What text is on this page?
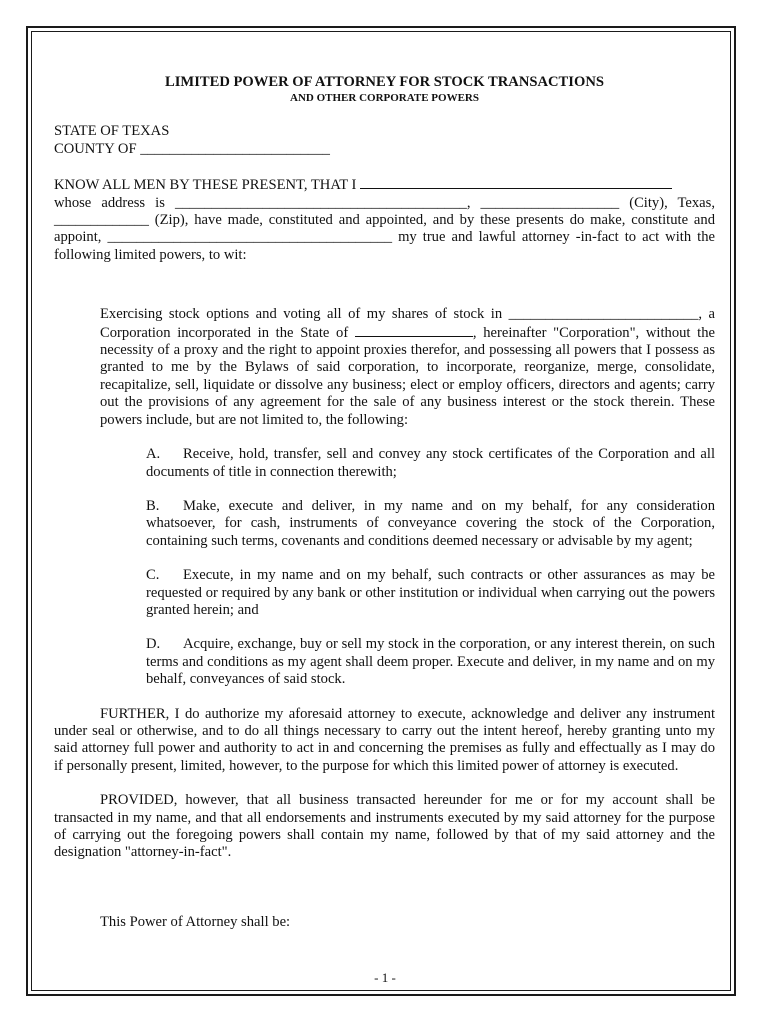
LIMITED POWER OF ATTORNEY FOR STOCK TRANSACTIONS
AND OTHER CORPORATE POWERS

STATE OF TEXAS

COUNTY OF __________________________

KNOW ALL MEN BY THESE PRESENT, THAT I

whose address is ________________________________________, ___________________ (City), Texas,

_____________ (Zip), have made, constituted and appointed, and by these presents do make, constitute and

appoint, _______________________________________ my true and lawful attorney -in-fact to act with the

following limited powers, to wit:

Exercising stock options and voting all of my shares of stock in __________________________, a Corporation incorporated in the State of	, hereinafter "Corporation", without the necessity of a proxy and the right to appoint proxies therefor, and possessing all powers that I possess as granted to me by the Bylaws of said corporation, to incorporate, reorganize, merge, consolidate, recapitalize, sell, liquidate or dissolve any business; elect or employ officers, directors and agents; carry out the provisions of any agreement for the sale of any business interest or the stock therein. These powers include, but are not limited to, the following:

A. Receive, hold, transfer, sell and convey any stock certificates of the Corporation and all documents of title in connection therewith;

B. Make, execute and deliver, in my name and on my behalf, for any consideration whatsoever, for cash, instruments of conveyance covering the stock of the Corporation, containing such terms, covenants and conditions deemed necessary or advisable by my agent;

C. Execute, in my name and on my behalf, such contracts or other assurances as may be requested or required by any bank or other institution or individual when carrying out the powers granted herein; and

D. Acquire, exchange, buy or sell my stock in the corporation, or any interest therein, on such terms and conditions as my agent shall deem proper. Execute and deliver, in my name and on my behalf, conveyances of said stock.

FURTHER, I do authorize my aforesaid attorney to execute, acknowledge and deliver any instrument under seal or otherwise, and to do all things necessary to carry out the intent hereof, hereby granting unto my said attorney full power and authority to act in and concerning the premises as fully and effectually as I may do if personally present, limited, however, to the purpose for which this limited power of attorney is executed.

PROVIDED, however, that all business transacted hereunder for me or for my account shall be transacted in my name, and that all endorsements and instruments executed by my said attorney for the purpose of carrying out the foregoing powers shall contain my name, followed by that of my said attorney and the designation "attorney-in-fact".

This Power of Attorney shall be:

- 1 -
